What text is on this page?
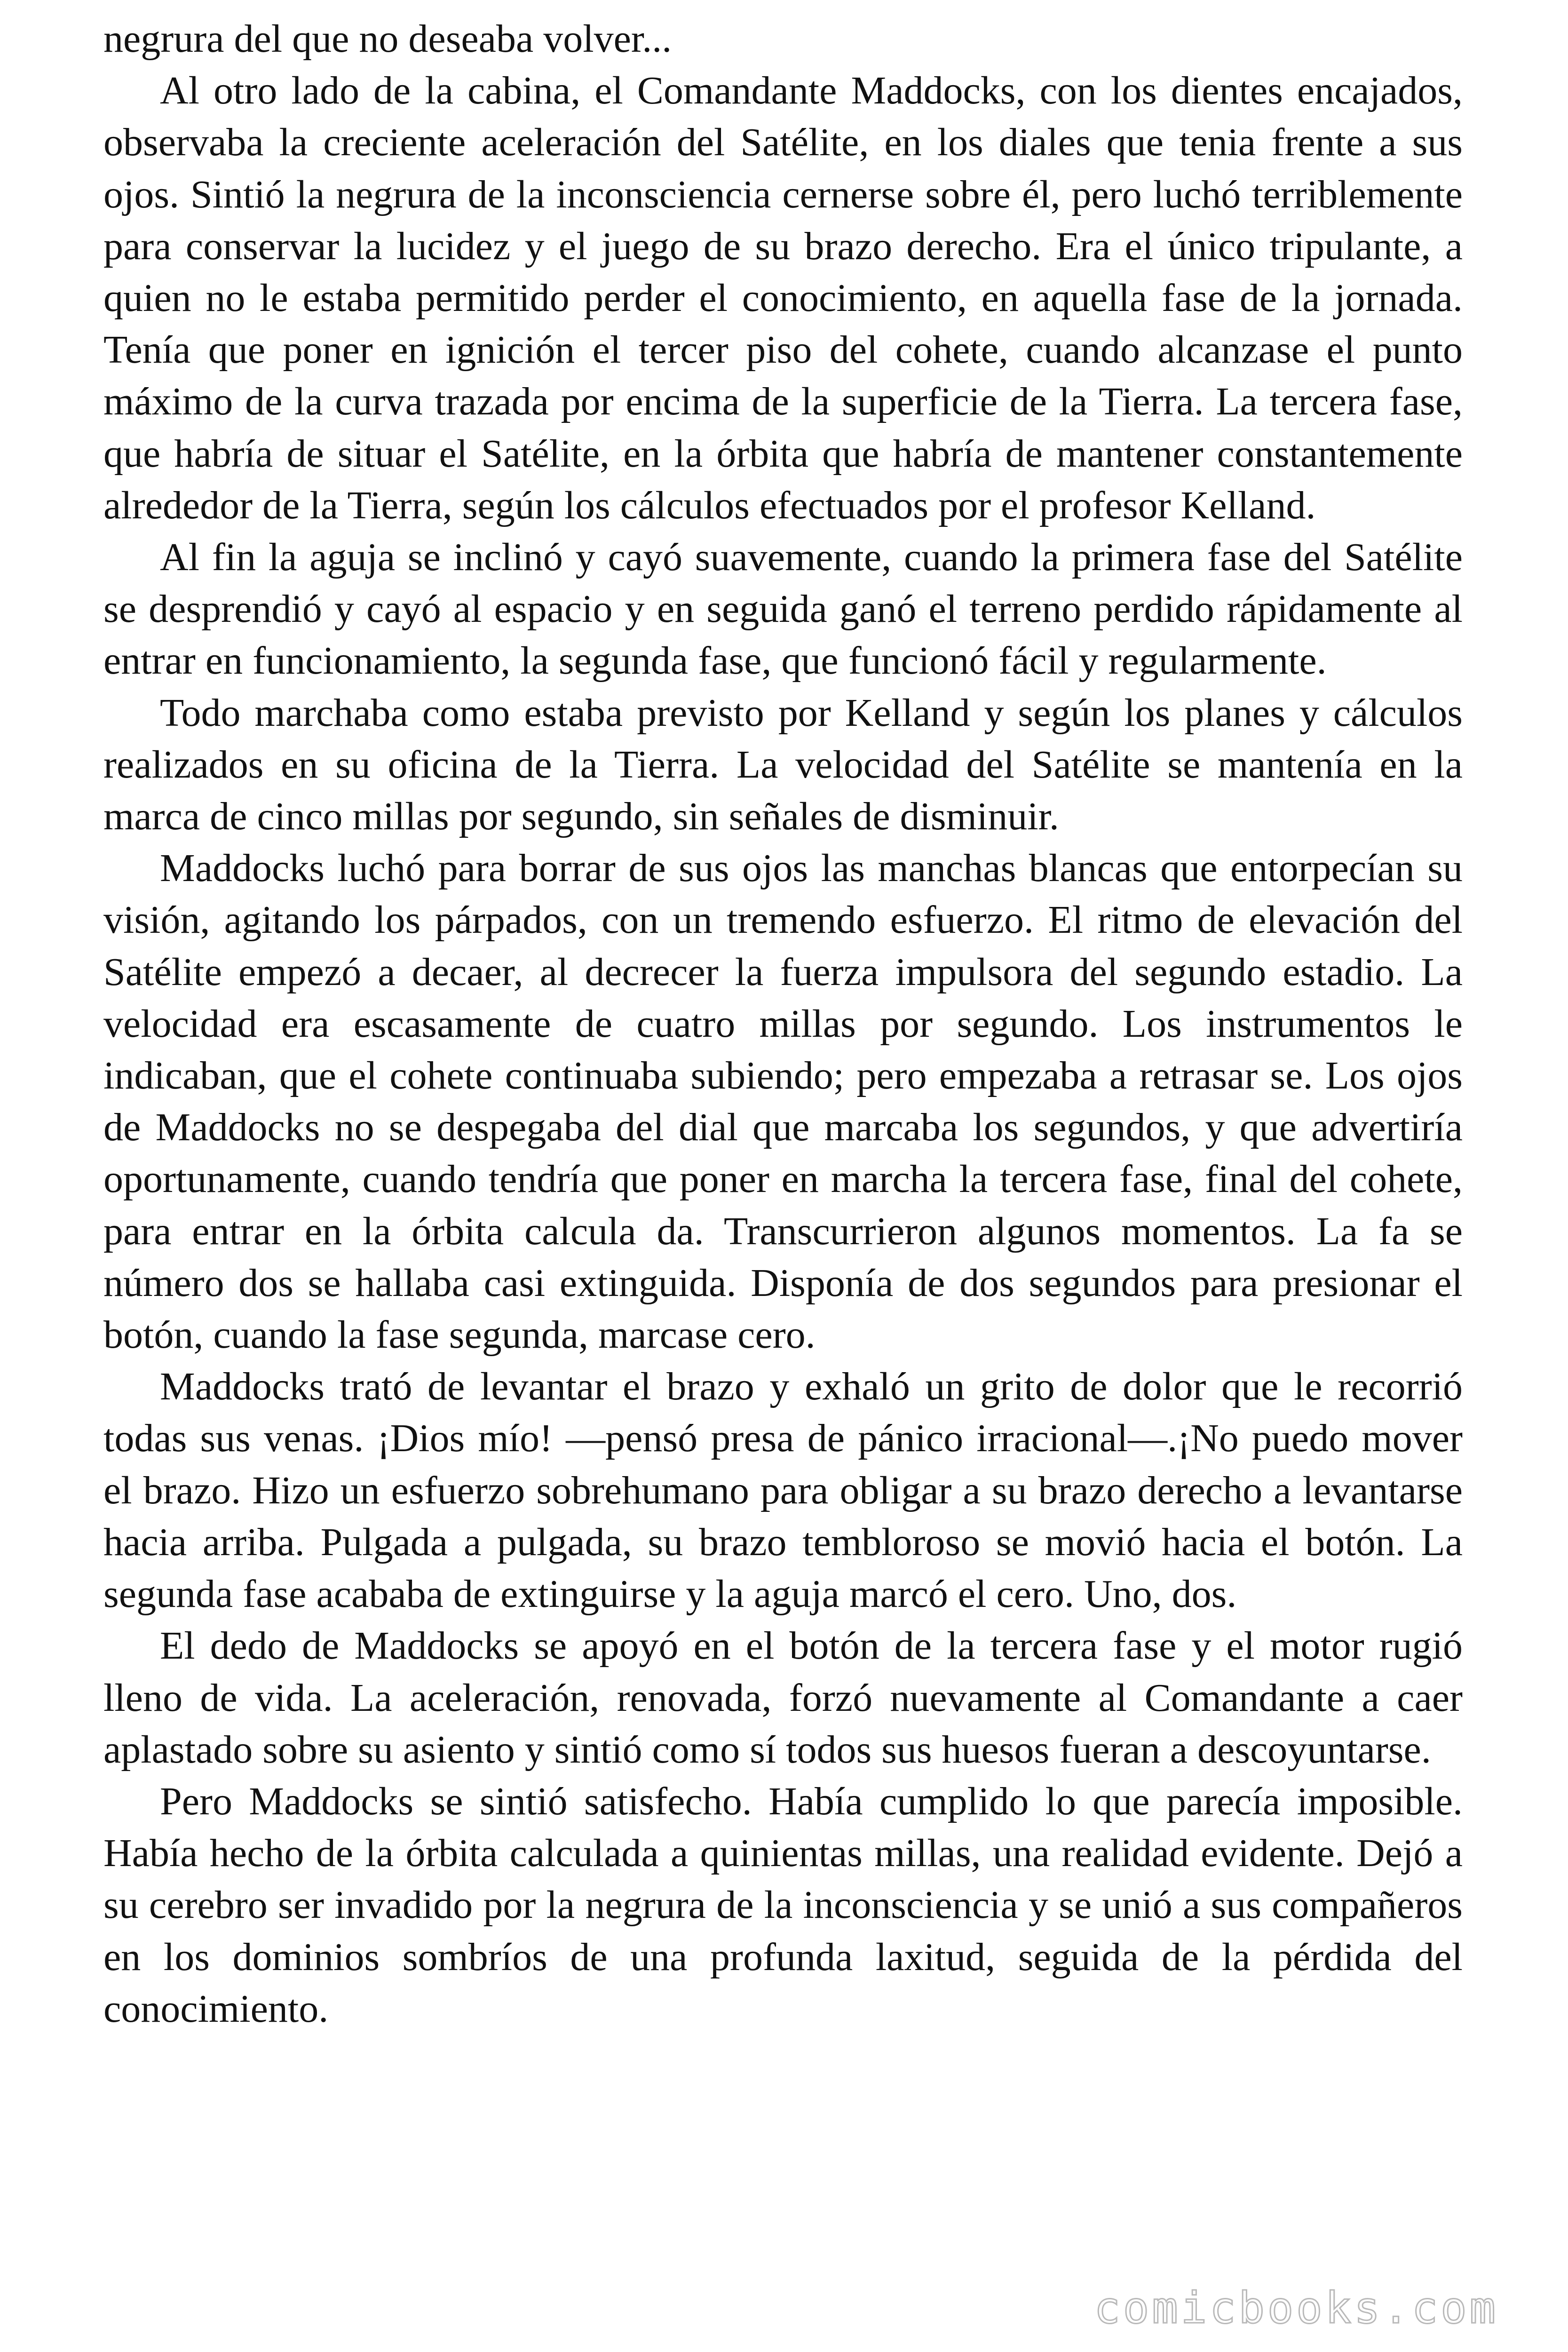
negrura del que no deseaba volver...

Al otro lado de la cabina, el Comandante Maddocks, con los dientes encajados, observaba la creciente aceleración del Satélite, en los diales que tenia frente a sus ojos. Sintió la negrura de la inconsciencia cernerse sobre él, pero luchó terriblemente para conservar la lucidez y el juego de su brazo derecho. Era el único tripulante, a quien no le estaba permitido perder el conocimiento, en aquella fase de la jornada. Tenía que poner en ignición el tercer piso del cohete, cuando alcanzase el punto máximo de la curva trazada por encima de la superficie de la Tierra. La tercera fase, que habría de situar el Satélite, en la órbita que habría de mantener constantemente alrededor de la Tierra, según los cálculos efectuados por el profesor Kelland.

Al fin la aguja se inclinó y cayó suavemente, cuando la primera fase del Satélite se desprendió y cayó al espacio y en seguida ganó el terreno perdido rápidamente al entrar en funcionamiento, la segunda fase, que funcionó fácil y regularmente.

Todo marchaba como estaba previsto por Kelland y según los planes y cálculos realizados en su oficina de la Tierra. La velocidad del Satélite se mantenía en la marca de cinco millas por segundo, sin señales de disminuir.

Maddocks luchó para borrar de sus ojos las manchas blancas que entorpecían su visión, agitando los párpados, con un tremendo esfuerzo. El ritmo de elevación del Satélite empezó a decaer, al decrecer la fuerza impulsora del segundo estadio. La velocidad era escasamente de cuatro millas por segundo. Los instrumentos le indicaban, que el cohete continuaba subiendo; pero empezaba a retrasar se. Los ojos de Maddocks no se despegaba del dial que marcaba los segundos, y que advertiría oportunamente, cuando tendría que poner en marcha la tercera fase, final del cohete, para entrar en la órbita calcula da. Transcurrieron algunos momentos. La fa se número dos se hallaba casi extinguida. Disponía de dos segundos para presionar el botón, cuando la fase segunda, marcase cero.

Maddocks trató de levantar el brazo y exhaló un grito de dolor que le recorrió todas sus venas. ¡Dios mío! —pensó presa de pánico irracional—.¡No puedo mover el brazo. Hizo un esfuerzo sobrehumano para obligar a su brazo derecho a levantarse hacia arriba. Pulgada a pulgada, su brazo tembloroso se movió hacia el botón. La segunda fase acababa de extinguirse y la aguja marcó el cero. Uno, dos.

El dedo de Maddocks se apoyó en el botón de la tercera fase y el motor rugió lleno de vida. La aceleración, renovada, forzó nuevamente al Comandante a caer aplastado sobre su asiento y sintió como sí todos sus huesos fueran a descoyuntarse.

Pero Maddocks se sintió satisfecho. Había cumplido lo que parecía imposible. Había hecho de la órbita calculada a quinientas millas, una realidad evidente. Dejó a su cerebro ser invadido por la negrura de la inconsciencia y se unió a sus compañeros en los dominios sombríos de una profunda laxitud, seguida de la pérdida del conocimiento.

comicbooks.com
